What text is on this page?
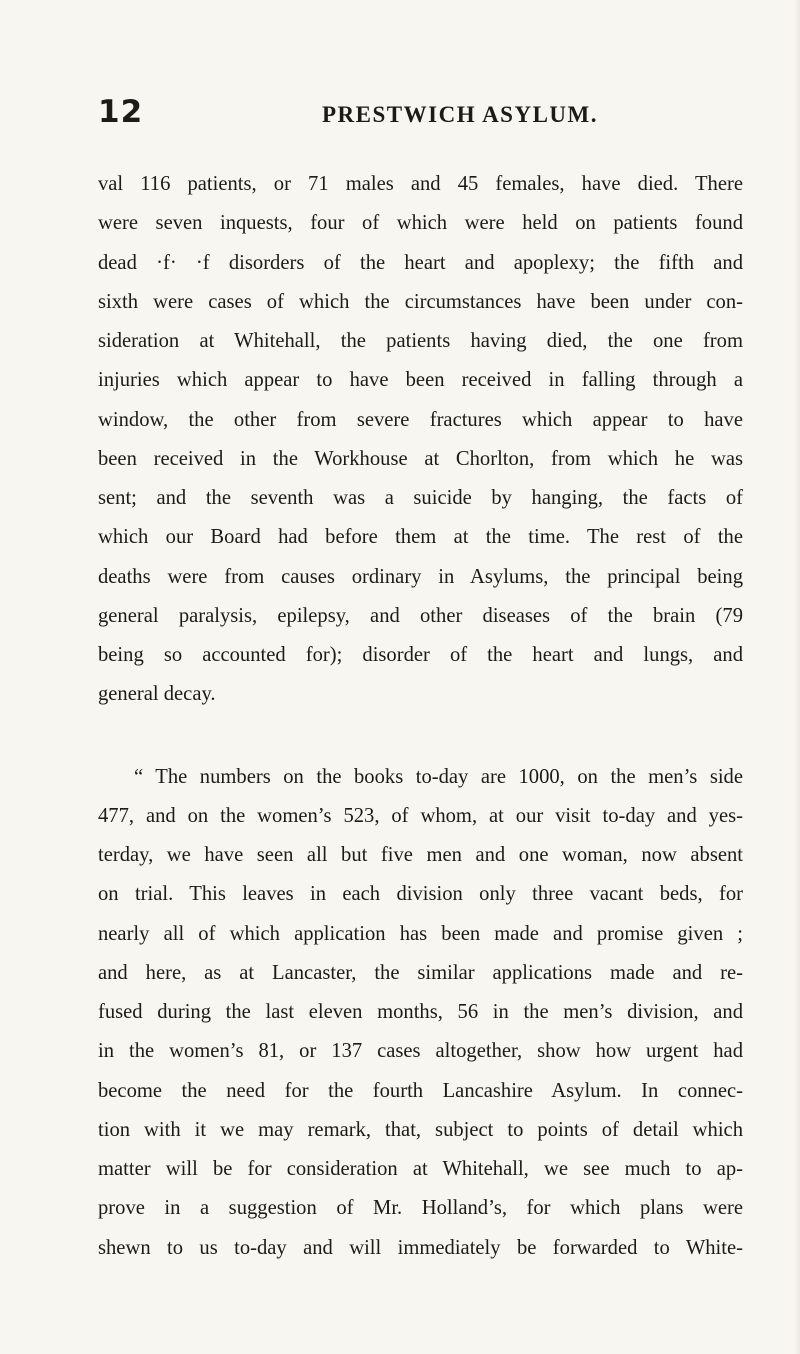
12	PRESTWICH ASYLUM.
val 116 patients, or 71 males and 45 females, have died. There
were seven inquests, four of which were held on patients found
dead ·f· ·f disorders of the heart and apoplexy; the fifth and
sixth were cases of which the circumstances have been under con-
sideration at Whitehall, the patients having died, the one from
injuries which appear to have been received in falling through a
window, the other from severe fractures which appear to have
been received in the Workhouse at Chorlton, from which he was
sent; and the seventh was a suicide by hanging, the facts of
which our Board had before them at the time. The rest of the
deaths were from causes ordinary in Asylums, the principal being
general paralysis, epilepsy, and other diseases of the brain (79
being so accounted for); disorder of the heart and lungs, and
general decay.
“ The numbers on the books to-day are 1000, on the men’s side
477, and on the women’s 523, of whom, at our visit to-day and yes-
terday, we have seen all but five men and one woman, now absent
on trial. This leaves in each division only three vacant beds, for
nearly all of which application has been made and promise given ;
and here, as at Lancaster, the similar applications made and re-
fused during the last eleven months, 56 in the men’s division, and
in the women’s 81, or 137 cases altogether, show how urgent had
become the need for the fourth Lancashire Asylum. In connec-
tion with it we may remark, that, subject to points of detail which
matter will be for consideration at Whitehall, we see much to ap-
prove in a suggestion of Mr. Holland’s, for which plans were
shewn to us to-day and will immediately be forwarded to White-
